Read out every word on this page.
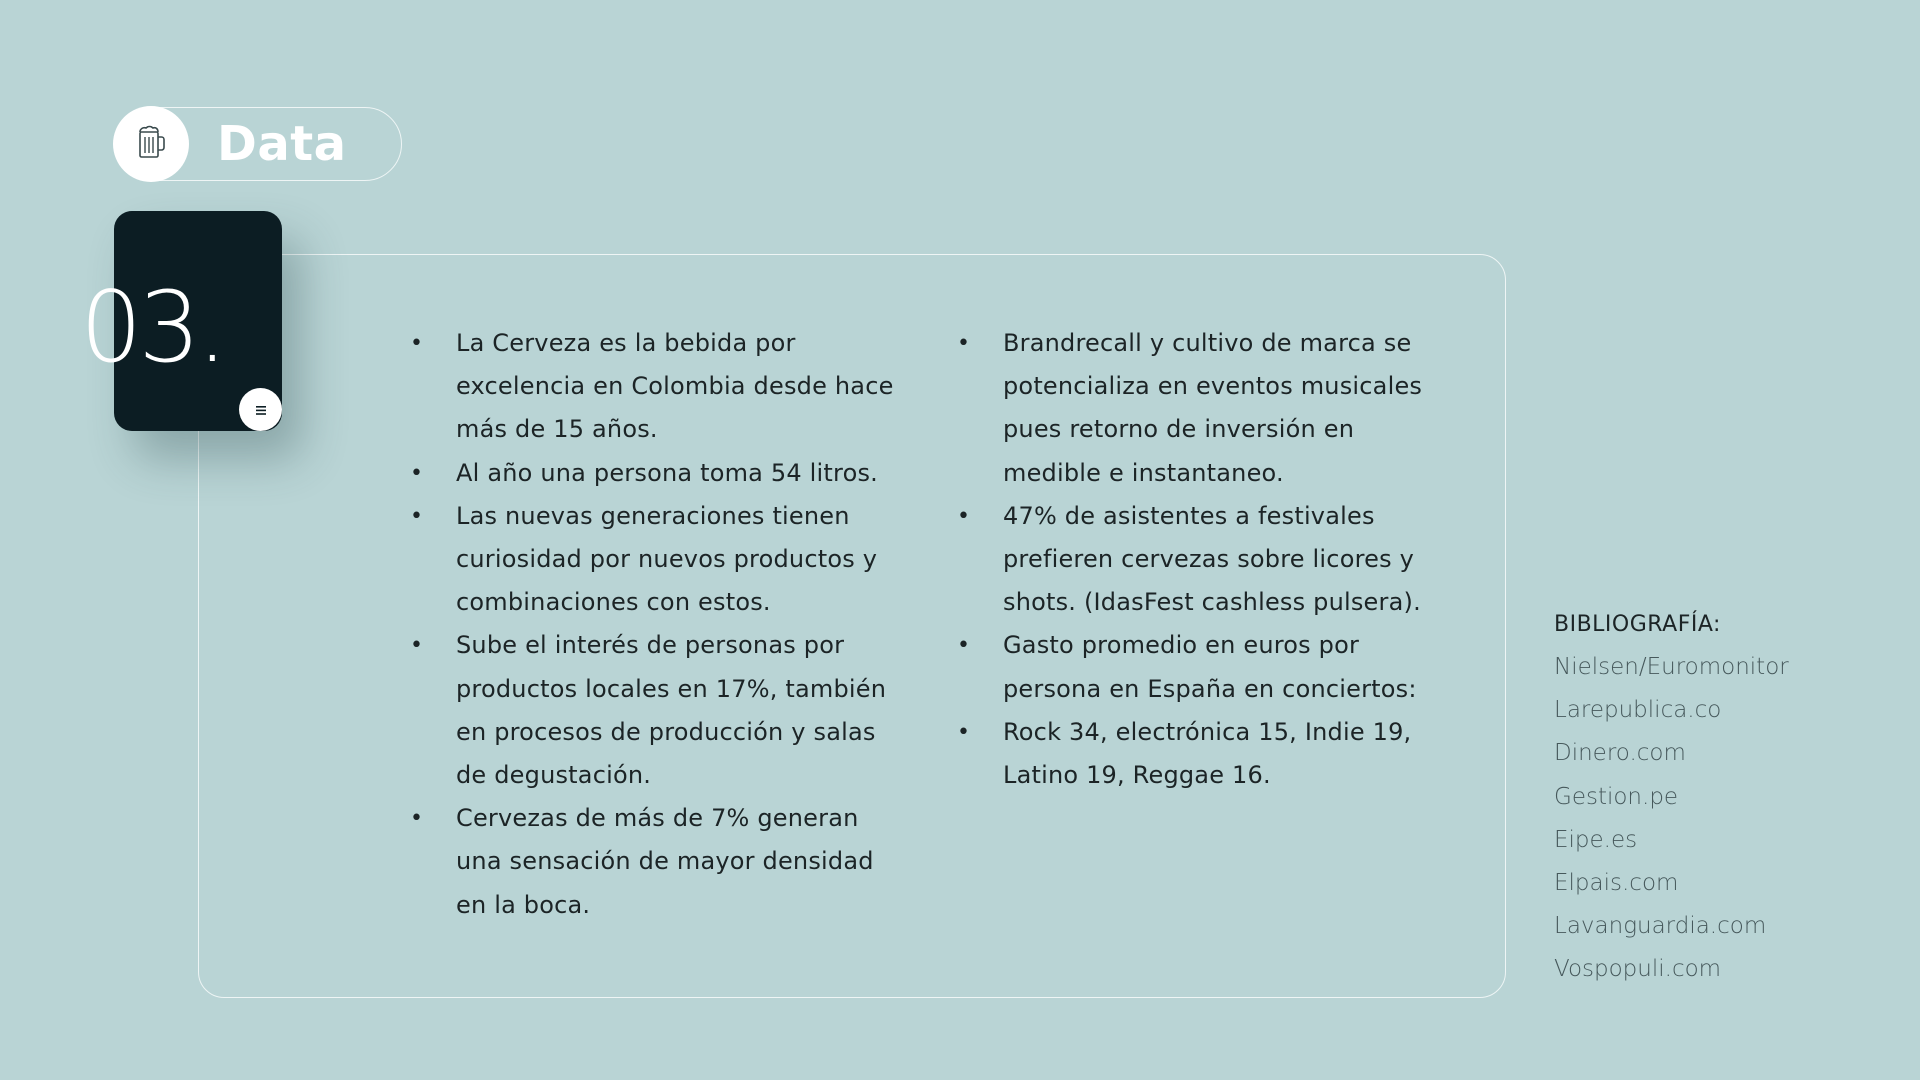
Data
03.
•	La Cerveza es la bebida por excelencia en Colombia desde hace más de 15 años.
• Al año una persona toma 54 litros.
• Las nuevas generaciones tienen curiosidad por nuevos productos y combinaciones con estos.
• Sube el interés de personas por productos locales en 17%, también en procesos de producción y salas de degustación.
• Cervezas de más de 7% generan una sensación de mayor densidad en la boca.
• Brandrecall y cultivo de marca se potencializa en eventos musicales pues retorno de inversión en medible e instantaneo.
• 47% de asistentes a festivales prefieren cervezas sobre licores y shots. (IdasFest cashless pulsera).
• Gasto promedio en euros por persona en España en conciertos:
• Rock 34, electrónica 15, Indie 19, Latino 19, Reggae 16.
BIBLIOGRAFÍA:
Nielsen/Euromonitor
Larepublica.co
Dinero.com
Gestion.pe
Eipe.es
Elpais.com
Lavanguardia.com
Vospopuli.com
